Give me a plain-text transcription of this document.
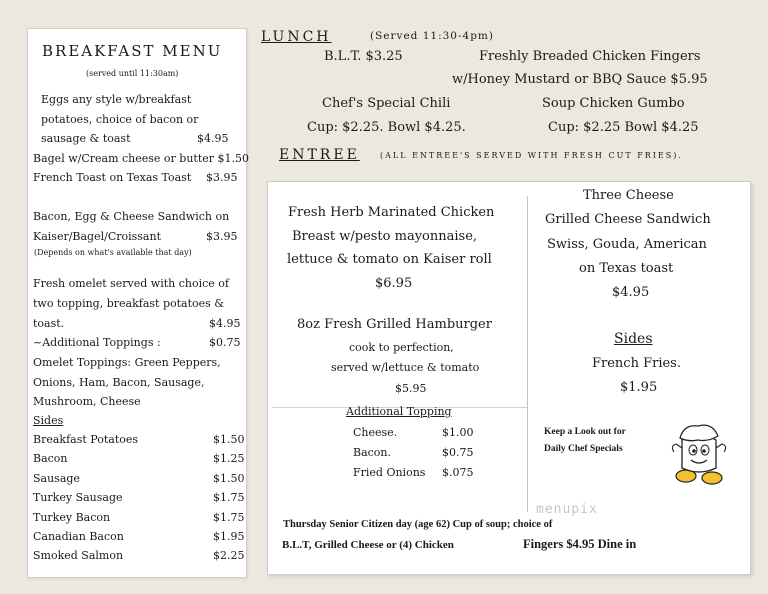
BREAKFAST MENU
(served until 11:30am)
Eggs any style w/breakfast
potatoes, choice of bacon or
sausage & toast	$4.95
Bagel w/Cream cheese or butter $1.50
French Toast on Texas Toast $3.95
Bacon, Egg & Cheese Sandwich on
Kaiser/Bagel/Croissant	$3.95
(Depends on what's available that day)
Fresh omelet served with choice of
two topping, breakfast potatoes &
toast.	$4.95
~Additional Toppings :	$0.75
Omelet Toppings: Green Peppers,
Onions, Ham, Bacon, Sausage,
Mushroom, Cheese
Sides
Breakfast Potatoes	$1.50
Bacon	$1.25
Sausage	$1.50
Turkey Sausage	$1.75
Turkey Bacon	$1.75
Canadian Bacon	$1.95
Smoked Salmon	$2.25
LUNCH	(Served 11:30-4pm)
B.L.T. $3.25	Freshly Breaded Chicken Fingers
w/Honey Mustard or BBQ Sauce $5.95
Chef's Special Chili
Cup: $2.25. Bowl $4.25.
Soup Chicken Gumbo
Cup: $2.25 Bowl $4.25
ENTREE	(ALL ENTREE'S SERVED WITH FRESH CUT FRIES).
Fresh Herb Marinated Chicken
Breast w/pesto mayonnaise,
lettuce & tomato on Kaiser roll
$6.95
8oz Fresh Grilled Hamburger
cook to perfection,
served w/lettuce & tomato
$5.95
Additional Topping
Cheese.	$1.00
Bacon.	$0.75
Fried Onions $.075
Three Cheese
Grilled Cheese Sandwich
Swiss, Gouda, American
on Texas toast
$4.95
Sides
French Fries.
$1.95
Keep a Look out for
Daily Chef Specials
menupix
Thursday Senior Citizen day (age 62) Cup of soup; choice of
B.L.T, Grilled Cheese or (4) Chicken	Fingers $4.95 Dine in
